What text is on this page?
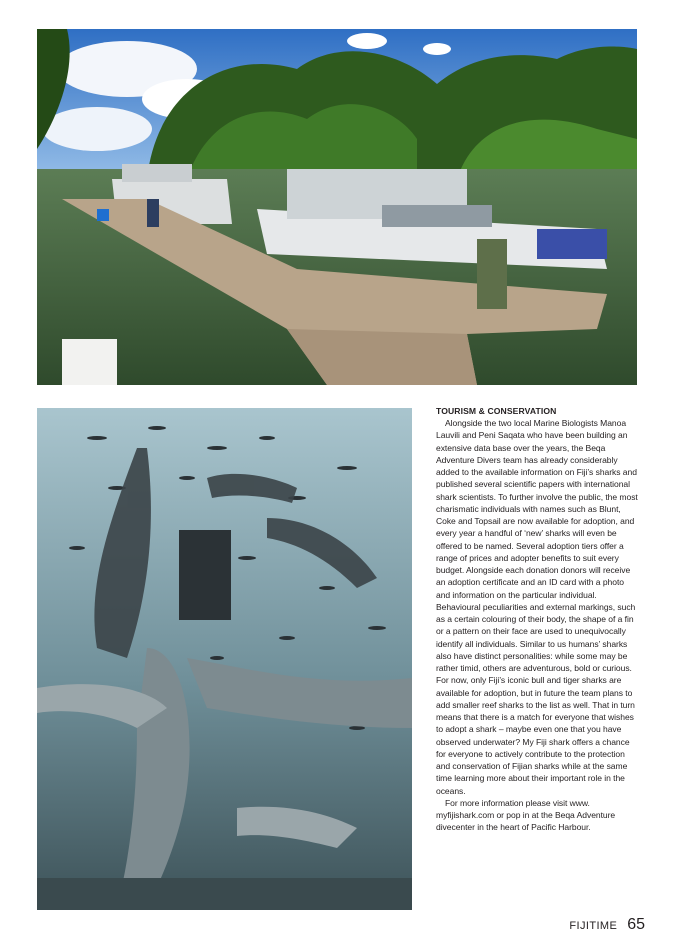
TOURISM & CONSERVATION

Alongside the two local Marine Biologists Manoa Lauvili and Peni Saqata who have been building an extensive data base over the years, the Beqa Adventure Divers team has already considerably added to the available information on Fiji’s sharks and published several scientific papers with international shark scientists. To further involve the public, the most charismatic individuals with names such as Blunt, Coke and Topsail are now available for adoption, and every year a handful of ‘new’ sharks will even be offered to be named. Several adoption tiers offer a range of prices and adopter benefits to suit every budget. Alongside each donation donors will receive an adoption certificate and an ID card with a photo and information on the particular individual. Behavioural peculiarities and external markings, such as a certain colouring of their body, the shape of a fin or a pattern on their face are used to unequivocally identify all individuals. Similar to us humans’ sharks also have distinct personalities: while some may be rather timid, others are adventurous, bold or curious. For now, only Fiji’s iconic bull and tiger sharks are available for adoption, but in future the team plans to add smaller reef sharks to the list as well. That in turn means that there is a match for everyone that wishes to adopt a shark – maybe even one that you have observed underwater? My Fiji shark offers a chance for everyone to actively contribute to the protection and conservation of Fijian sharks while at the same time learning more about their important role in the oceans.

For more information please visit www. myfijishark.com or pop in at the Beqa Adventure divecenter in the heart of Pacific Harbour.

FIJITIME 65
